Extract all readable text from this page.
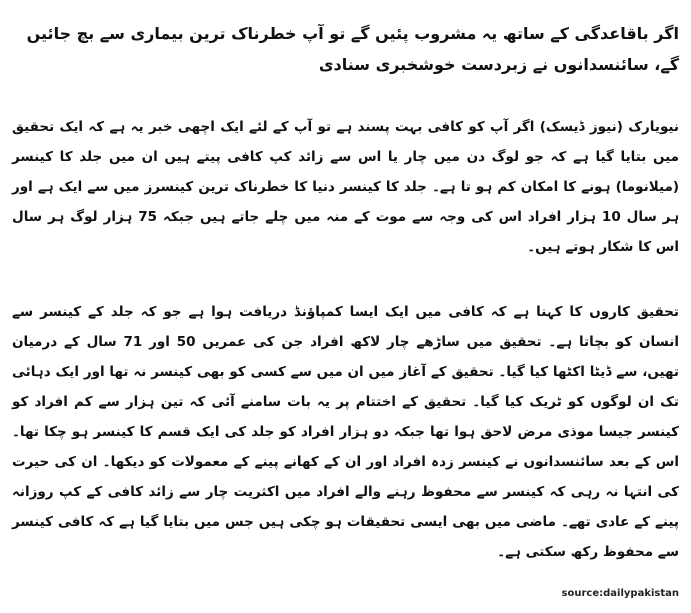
اگر باقاعدگی کے ساتھ یہ مشروب پئیں گے تو آپ خطرناک ترین بیماری سے بچ جائیں گے، سائنسدانوں نے زبردست خوشخبری سنادی
نیویارک (نیوز ڈیسک) اگر آپ کو کافی بہت پسند ہے تو آپ کے لئے ایک اچھی خبر یہ ہے کہ ایک تحقیق میں بتایا گیا ہے کہ جو لوگ دن میں چار یا اس سے زائد کپ کافی پیتے ہیں ان میں جلد کا کینسر (میلانوما) ہونے کا امکان کم ہو تا ہے۔ جلد کا کینسر دنیا کا خطرناک ترین کینسرز میں سے ایک ہے اور ہر سال 10 ہزار افراد اس کی وجہ سے موت کے منہ میں چلے جاتے ہیں جبکہ 75 ہزار لوگ ہر سال اس کا شکار ہوتے ہیں۔
تحقیق کاروں کا کہنا ہے کہ کافی میں ایک ایسا کمپاؤنڈ دریافت ہوا ہے جو کہ جلد کے کینسر سے انسان کو بچاتا ہے۔ تحقیق میں ساڑھے چار لاکھ افراد جن کی عمریں 50 اور 71 سال کے درمیان تھیں، سے ڈیٹا اکٹھا کیا گیا۔ تحقیق کے آغاز میں ان میں سے کسی کو بھی کینسر نہ تھا اور ایک دہائی تک ان لوگوں کو ٹریک کیا گیا۔ تحقیق کے اختتام پر یہ بات سامنے آئی کہ تین ہزار سے کم افراد کو کینسر جیسا موذی مرض لاحق ہوا تھا جبکہ دو ہزار افراد کو جلد کی ایک قسم کا کینسر ہو چکا تھا۔ اس کے بعد سائنسدانوں نے کینسر زدہ افراد اور ان کے کھانے پینے کے معمولات کو دیکھا۔ ان کی حیرت کی انتہا نہ رہی کہ کینسر سے محفوظ رہنے والے افراد میں اکثریت چار سے زائد کافی کے کپ روزانہ پینے کے عادی تھے۔ ماضی میں بھی ایسی تحقیقات ہو چکی ہیں جس میں بتایا گیا ہے کہ کافی کینسر سے محفوظ رکھ سکتی ہے۔
source:dailypakistan
